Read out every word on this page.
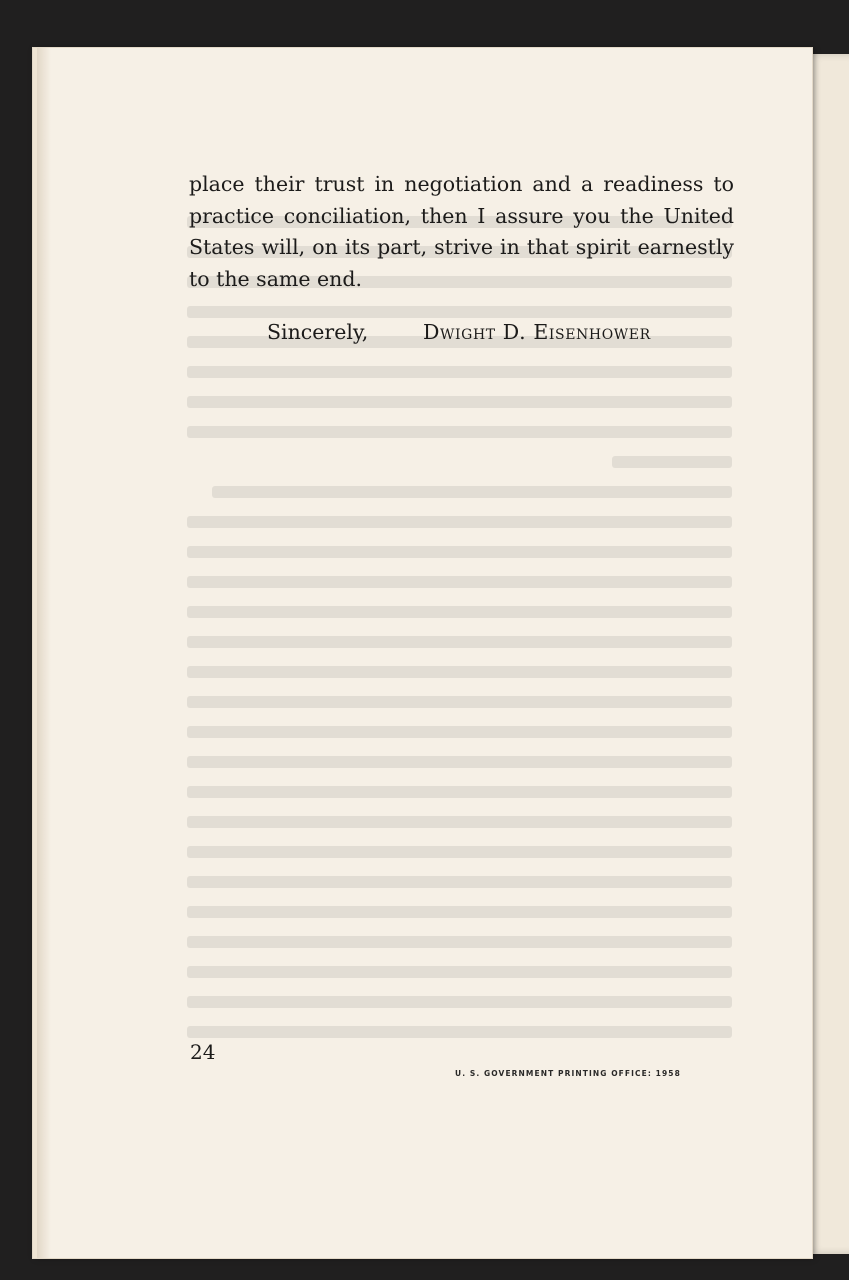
place their trust in negotiation and a readiness to
practice conciliation, then I assure you the United
States will, on its part, strive in that spirit earnestly
to the same end.

Sincerely,	Dwight D. Eisenhower
24
U. S. GOVERNMENT PRINTING OFFICE: 1958
